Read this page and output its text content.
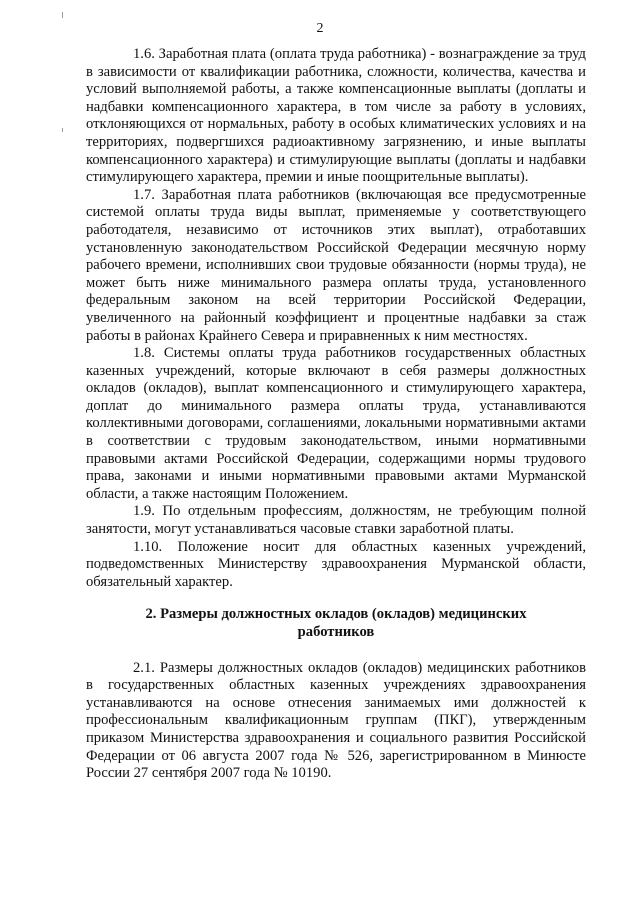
2

1.6. Заработная плата (оплата труда работника) - вознаграждение за труд в зависимости от квалификации работника, сложности, количества, качества и условий выполняемой работы, а также компенсационные выплаты (доплаты и надбавки компенсационного характера, в том числе за работу в условиях, отклоняющихся от нормальных, работу в особых климатических условиях и на территориях, подвергшихся радиоактивному загрязнению, и иные выплаты компенсационного характера) и стимулирующие выплаты (доплаты и надбавки стимулирующего характера, премии и иные поощрительные выплаты).

1.7. Заработная плата работников (включающая все предусмотренные системой оплаты труда виды выплат, применяемые у соответствующего работодателя, независимо от источников этих выплат), отработавших установленную законодательством Российской Федерации месячную норму рабочего времени, исполнивших свои трудовые обязанности (нормы труда), не может быть ниже минимального размера оплаты труда, установленного федеральным законом на всей территории Российской Федерации, увеличенного на районный коэффициент и процентные надбавки за стаж работы в районах Крайнего Севера и приравненных к ним местностях.

1.8. Системы оплаты труда работников государственных областных казенных учреждений, которые включают в себя размеры должностных окладов (окладов), выплат компенсационного и стимулирующего характера, доплат до минимального размера оплаты труда, устанавливаются коллективными договорами, соглашениями, локальными нормативными актами в соответствии с трудовым законодательством, иными нормативными правовыми актами Российской Федерации, содержащими нормы трудового права, законами и иными нормативными правовыми актами Мурманской области, а также настоящим Положением.

1.9. По отдельным профессиям, должностям, не требующим полной занятости, могут устанавливаться часовые ставки заработной платы.

1.10. Положение носит для областных казенных учреждений, подведомственных Министерству здравоохранения Мурманской области, обязательный характер.

2. Размеры должностных окладов (окладов) медицинских работников

2.1. Размеры должностных окладов (окладов) медицинских работников в государственных областных казенных учреждениях здравоохранения устанавливаются на основе отнесения занимаемых ими должностей к профессиональным квалификационным группам (ПКГ), утвержденным приказом Министерства здравоохранения и социального развития Российской Федерации от 06 августа 2007 года № 526, зарегистрированном в Минюсте России 27 сентября 2007 года № 10190.
